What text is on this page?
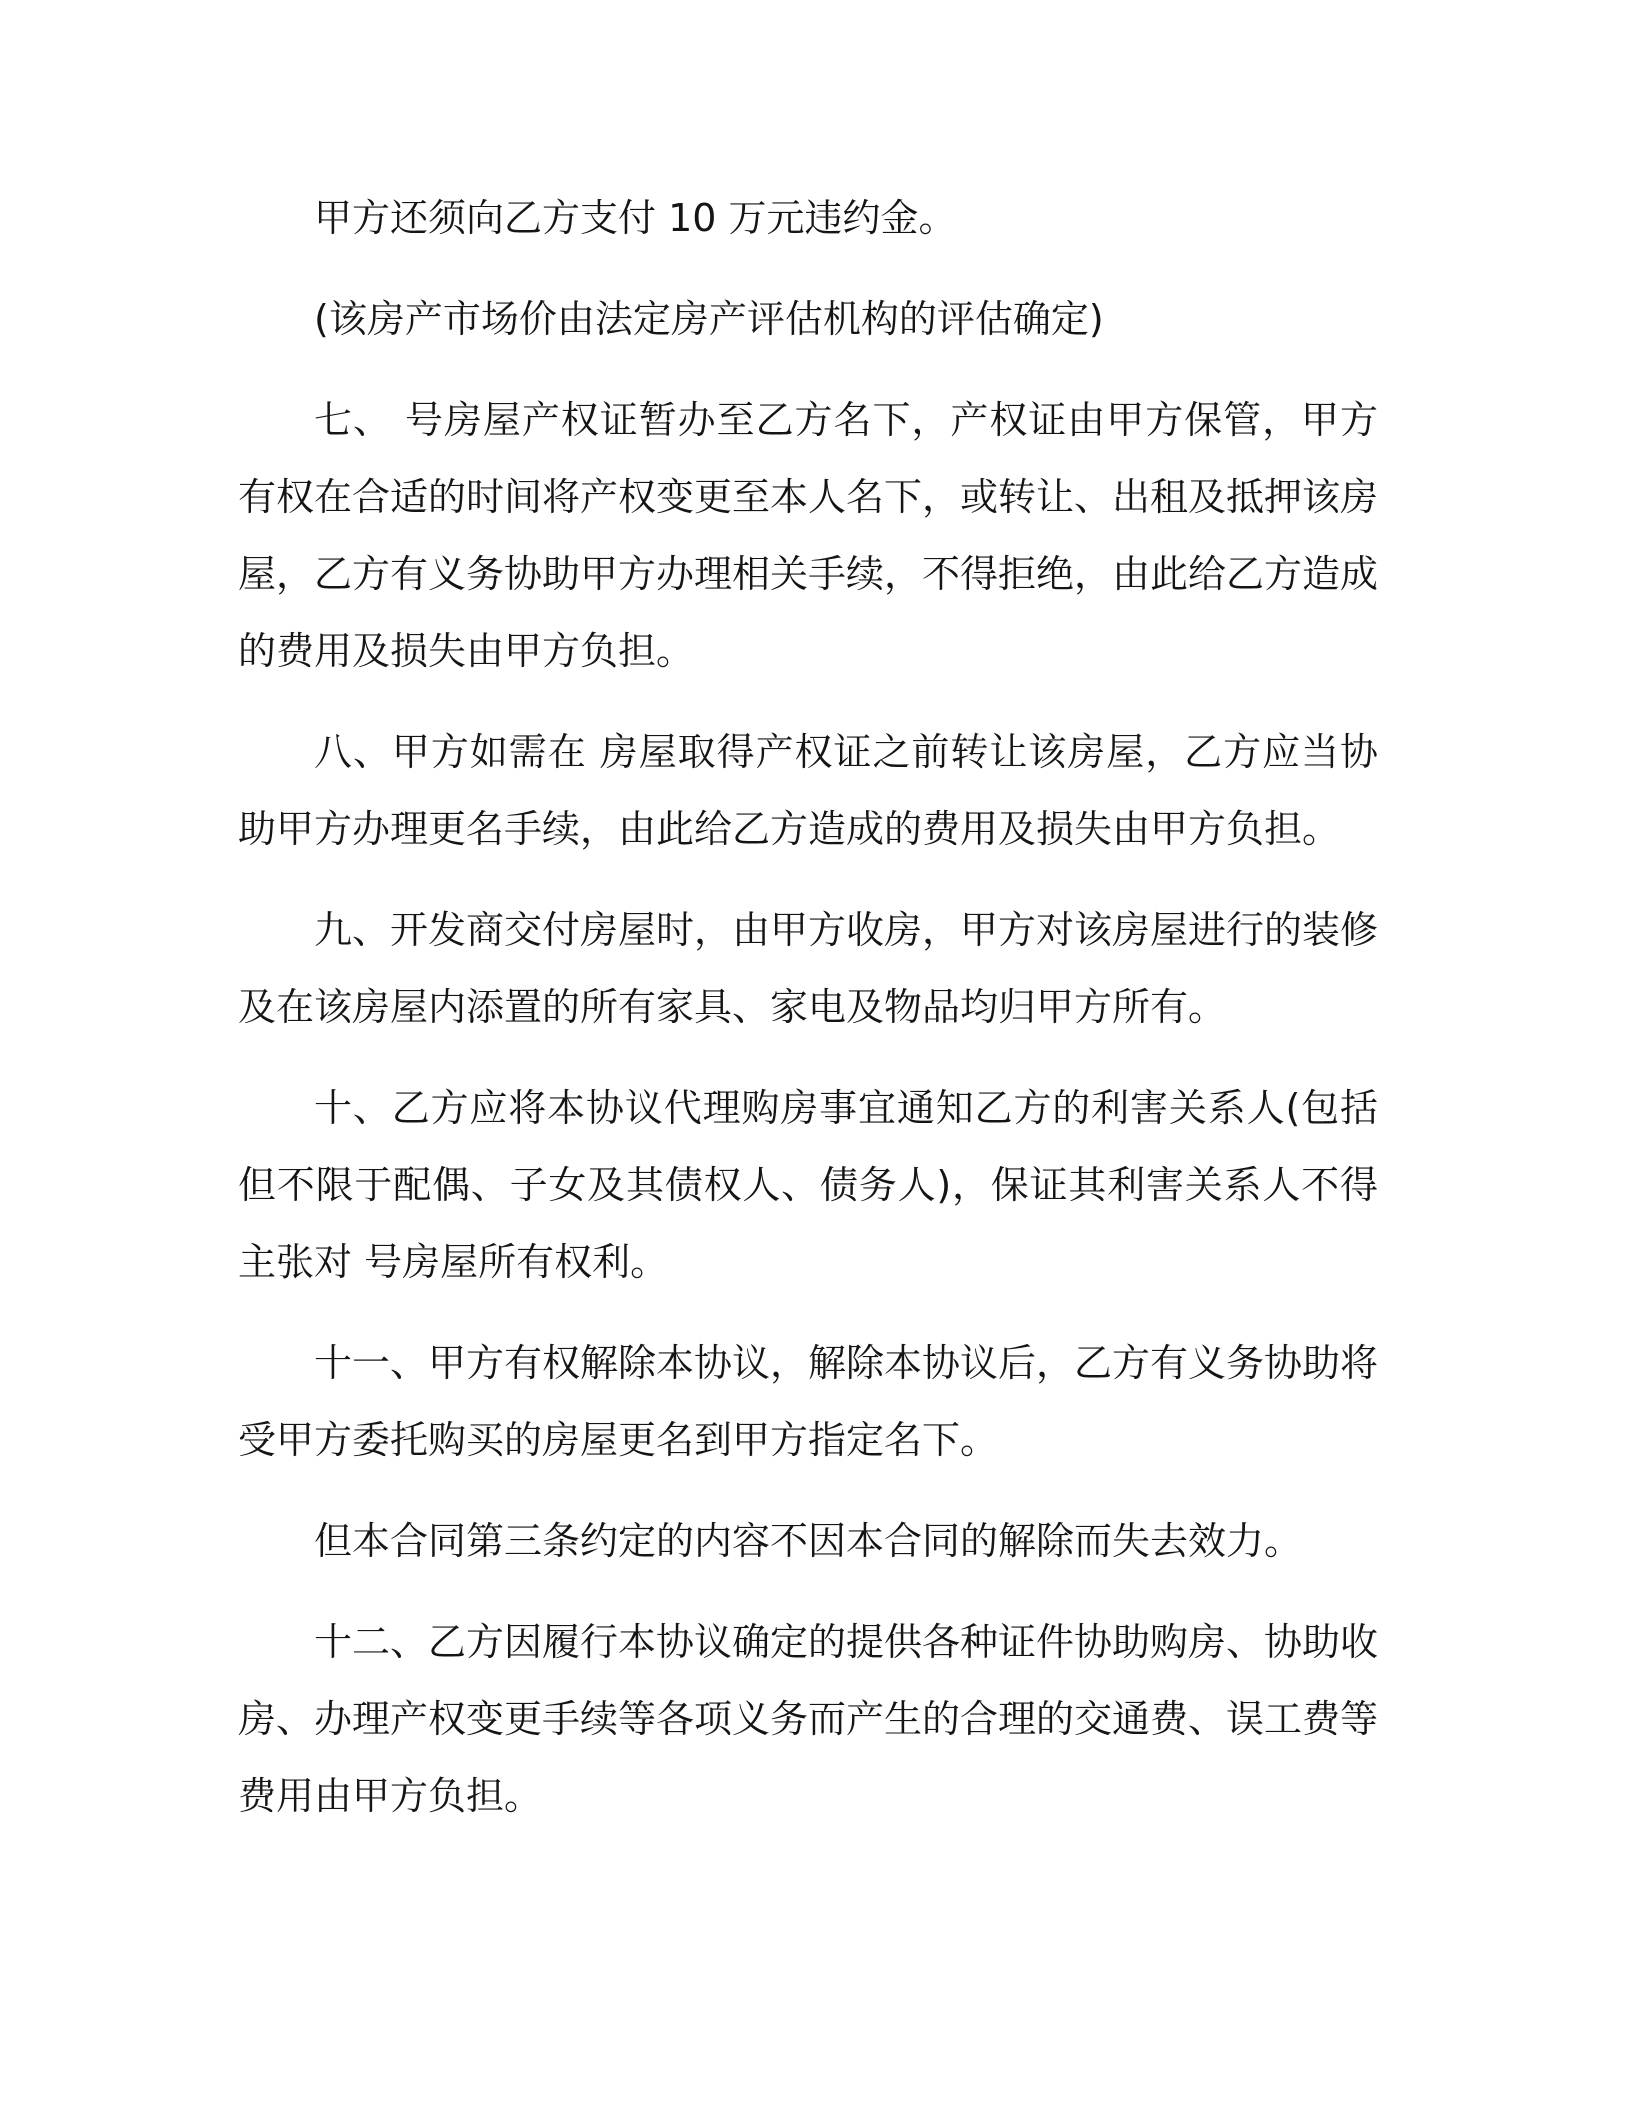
甲方还须向乙方支付 10 万元违约金。

(该房产市场价由法定房产评估机构的评估确定)

七、 号房屋产权证暂办至乙方名下，产权证由甲方保管，甲方有权在合适的时间将产权变更至本人名下，或转让、出租及抵押该房屋，乙方有义务协助甲方办理相关手续，不得拒绝，由此给乙方造成的费用及损失由甲方负担。

八、甲方如需在 房屋取得产权证之前转让该房屋，乙方应当协助甲方办理更名手续，由此给乙方造成的费用及损失由甲方负担。

九、开发商交付房屋时，由甲方收房，甲方对该房屋进行的装修及在该房屋内添置的所有家具、家电及物品均归甲方所有。

十、乙方应将本协议代理购房事宜通知乙方的利害关系人(包括但不限于配偶、子女及其债权人、债务人)，保证其利害关系人不得主张对 号房屋所有权利。

十一、甲方有权解除本协议，解除本协议后，乙方有义务协助将受甲方委托购买的房屋更名到甲方指定名下。

但本合同第三条约定的内容不因本合同的解除而失去效力。

十二、乙方因履行本协议确定的提供各种证件协助购房、协助收房、办理产权变更手续等各项义务而产生的合理的交通费、误工费等费用由甲方负担。
